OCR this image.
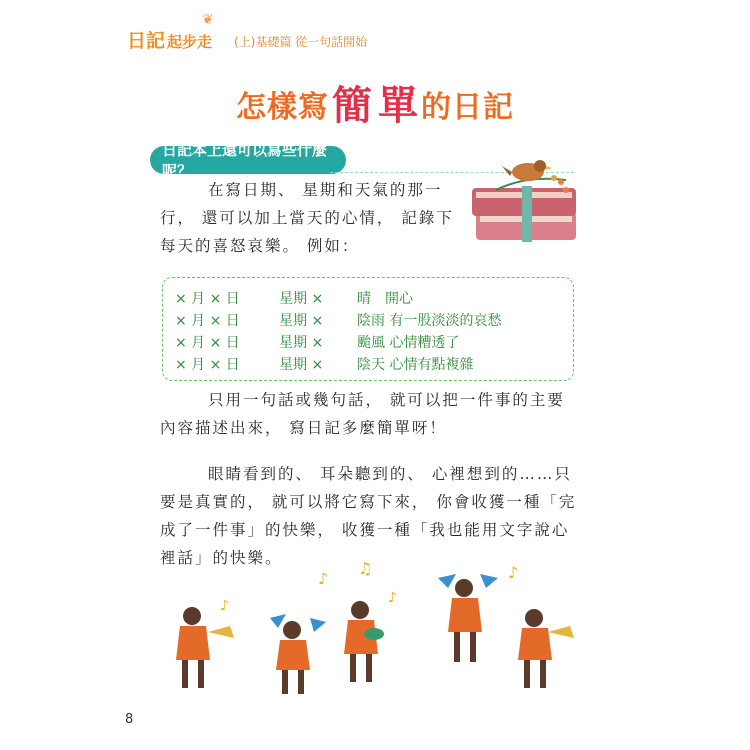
日記 起步走
❦
(上)基礎篇 從一句話開始
怎樣寫 簡 單 的日記
日記本上還可以寫些什麼呢？
在寫日期、 星期和天氣的那一行， 還可以加上當天的心情， 記錄下每天的喜怒哀樂。 例如：
× 月 × 日	星期 ×	晴　開心
× 月 × 日	星期 ×	陰雨 有一股淡淡的哀愁
× 月 × 日	星期 ×	颱風 心情糟透了
× 月 × 日	星期 ×	陰天 心情有點複雜
只用一句話或幾句話， 就可以把一件事的主要內容描述出來， 寫日記多麼簡單呀！
眼睛看到的、 耳朵聽到的、 心裡想到的……只要是真實的， 就可以將它寫下來， 你會收獲一種「完成了一件事」的快樂， 收獲一種「我也能用文字說心裡話」的快樂。
♪
♫
♪
♪
♪
8
